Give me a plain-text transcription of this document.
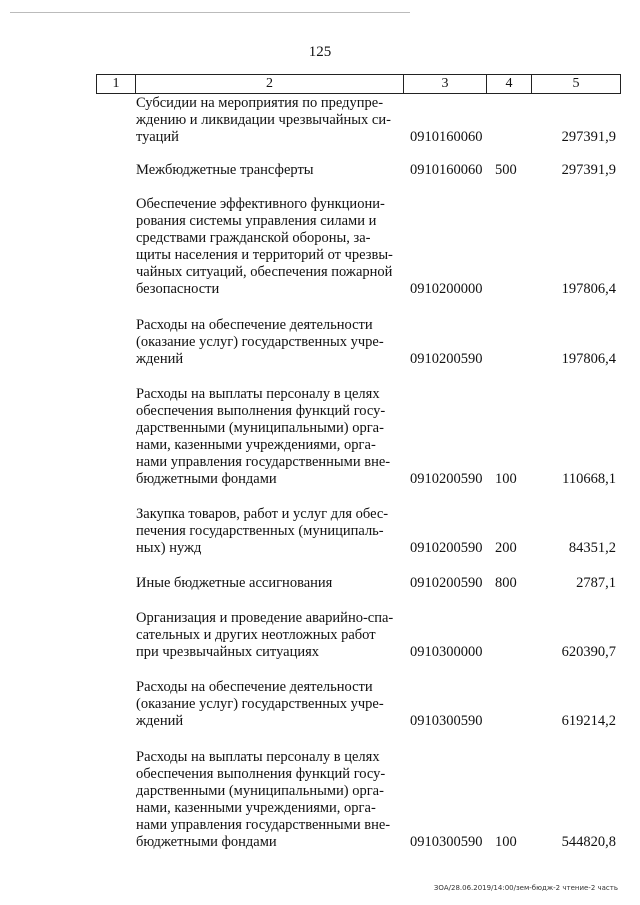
125
1	2	3	4	5
Субсидии на мероприятия по предупре-
ждению и ликвидации чрезвычайных си-
туаций	0910160060	297391,9
Межбюджетные трансферты	0910160060 500	297391,9
Обеспечение эффективного функциони-
рования системы управления силами и
средствами гражданской обороны, за-
щиты населения и территорий от чрезвы-
чайных ситуаций, обеспечения пожарной
безопасности	0910200000	197806,4
Расходы на обеспечение деятельности
(оказание услуг) государственных учре-
ждений	0910200590	197806,4
Расходы на выплаты персоналу в целях
обеспечения выполнения функций госу-
дарственными (муниципальными) орга-
нами, казенными учреждениями, орга-
нами управления государственными вне-
бюджетными фондами	0910200590 100	110668,1
Закупка товаров, работ и услуг для обес-
печения государственных (муниципаль-
ных) нужд	0910200590 200	84351,2
Иные бюджетные ассигнования	0910200590 800	2787,1
Организация и проведение аварийно-спа-
сательных и других неотложных работ
при чрезвычайных ситуациях	0910300000	620390,7
Расходы на обеспечение деятельности
(оказание услуг) государственных учре-
ждений	0910300590	619214,2
Расходы на выплаты персоналу в целях
обеспечения выполнения функций госу-
дарственными (муниципальными) орга-
нами, казенными учреждениями, орга-
нами управления государственными вне-
бюджетными фондами	0910300590 100	544820,8
ЗОА/28.06.2019/14:00/зем-бюдж-2 чтение-2 часть
